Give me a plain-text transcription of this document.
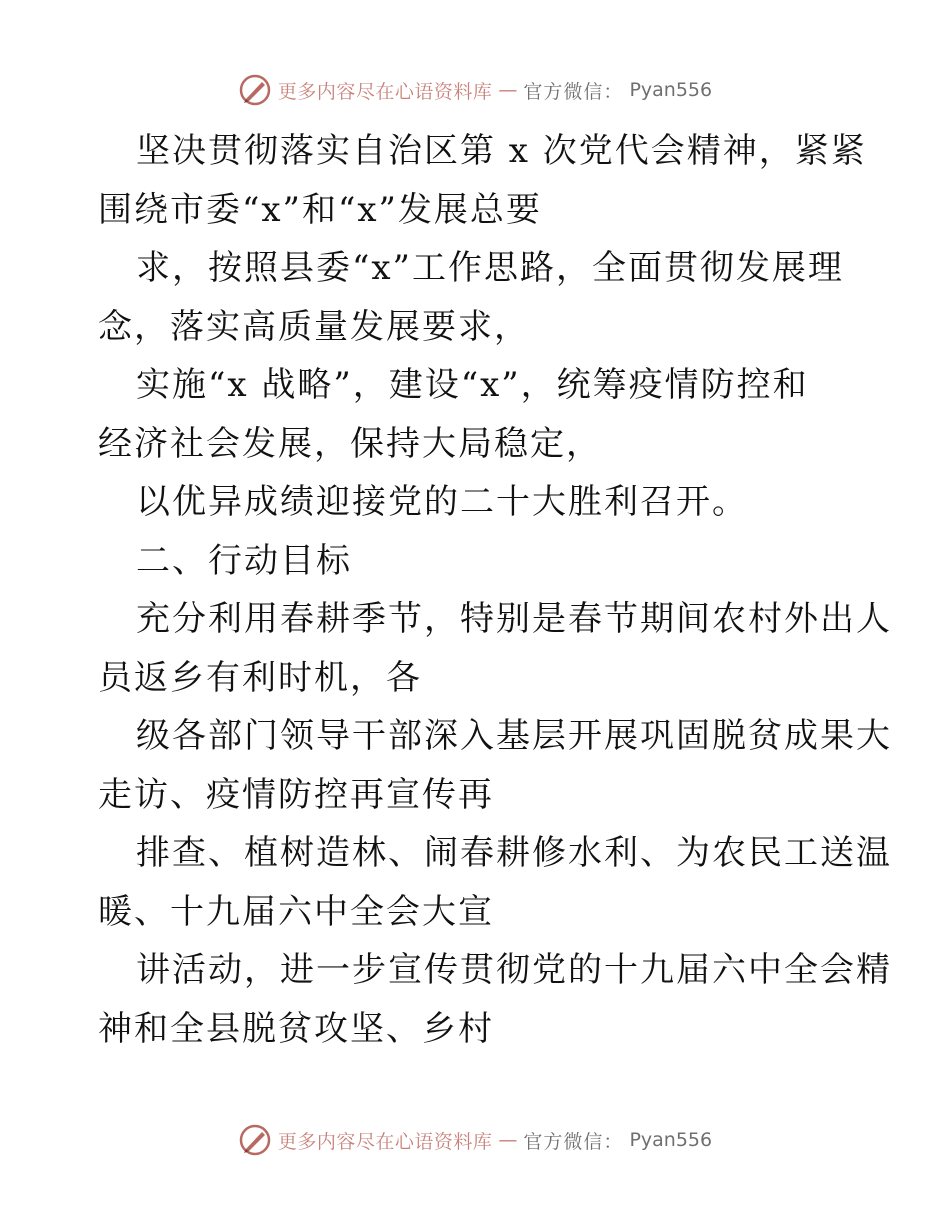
更多内容尽在心语资料库 — 官方微信： Pyan556
坚决贯彻落实自治区第 x 次党代会精神，紧紧
围绕市委“x”和“x”发展总要
求，按照县委“x”工作思路，全面贯彻发展理
念，落实高质量发展要求，
实施“x 战略”，建设“x”，统筹疫情防控和
经济社会发展，保持大局稳定，
以优异成绩迎接党的二十大胜利召开。
二、行动目标
充分利用春耕季节，特别是春节期间农村外出人
员返乡有利时机，各
级各部门领导干部深入基层开展巩固脱贫成果大
走访、疫情防控再宣传再
排查、植树造林、闹春耕修水利、为农民工送温
暖、十九届六中全会大宣
讲活动，进一步宣传贯彻党的十九届六中全会精
神和全县脱贫攻坚、乡村
更多内容尽在心语资料库 — 官方微信： Pyan556
